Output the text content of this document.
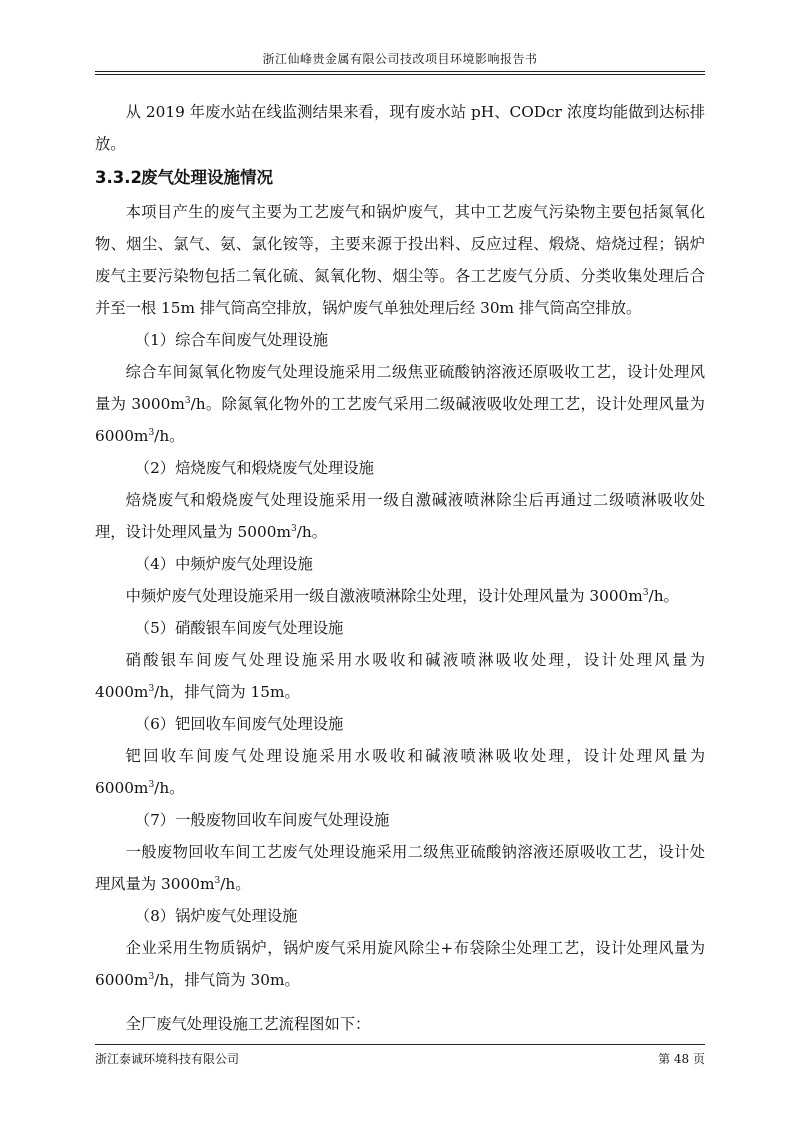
浙江仙峰贵金属有限公司技改项目环境影响报告书

从 2019 年废水站在线监测结果来看，现有废水站 pH、CODcr 浓度均能做到达标排放。

3.3.2废气处理设施情况

本项目产生的废气主要为工艺废气和锅炉废气，其中工艺废气污染物主要包括氮氧化物、烟尘、氯气、氨、氯化铵等，主要来源于投出料、反应过程、煅烧、焙烧过程；锅炉废气主要污染物包括二氧化硫、氮氧化物、烟尘等。各工艺废气分质、分类收集处理后合并至一根 15m 排气筒高空排放，锅炉废气单独处理后经 30m 排气筒高空排放。

（1）综合车间废气处理设施

综合车间氮氧化物废气处理设施采用二级焦亚硫酸钠溶液还原吸收工艺，设计处理风量为 $3000m^3/h$。除氮氧化物外的工艺废气采用二级碱液吸收处理工艺，设计处理风量为 $6000m^3/h$。

（2）焙烧废气和煅烧废气处理设施

焙烧废气和煅烧废气处理设施采用一级自激碱液喷淋除尘后再通过二级喷淋吸收处理，设计处理风量为 $5000m^3/h$。

（4）中频炉废气处理设施

中频炉废气处理设施采用一级自激液喷淋除尘处理，设计处理风量为 $3000m^3/h$。

（5）硝酸银车间废气处理设施

硝酸银车间废气处理设施采用水吸收和碱液喷淋吸收处理，设计处理风量为 $4000m^3/h$，排气筒为 15m。

（6）钯回收车间废气处理设施

钯回收车间废气处理设施采用水吸收和碱液喷淋吸收处理，设计处理风量为 $6000m^3/h$。

（7）一般废物回收车间废气处理设施

一般废物回收车间工艺废气处理设施采用二级焦亚硫酸钠溶液还原吸收工艺，设计处理风量为 $3000m^3/h$。

（8）锅炉废气处理设施

企业采用生物质锅炉，锅炉废气采用旋风除尘+布袋除尘处理工艺，设计处理风量为 $6000m^3/h$，排气筒为 30m。

全厂废气处理设施工艺流程图如下：

浙江泰诚环境科技有限公司	第 48 页
